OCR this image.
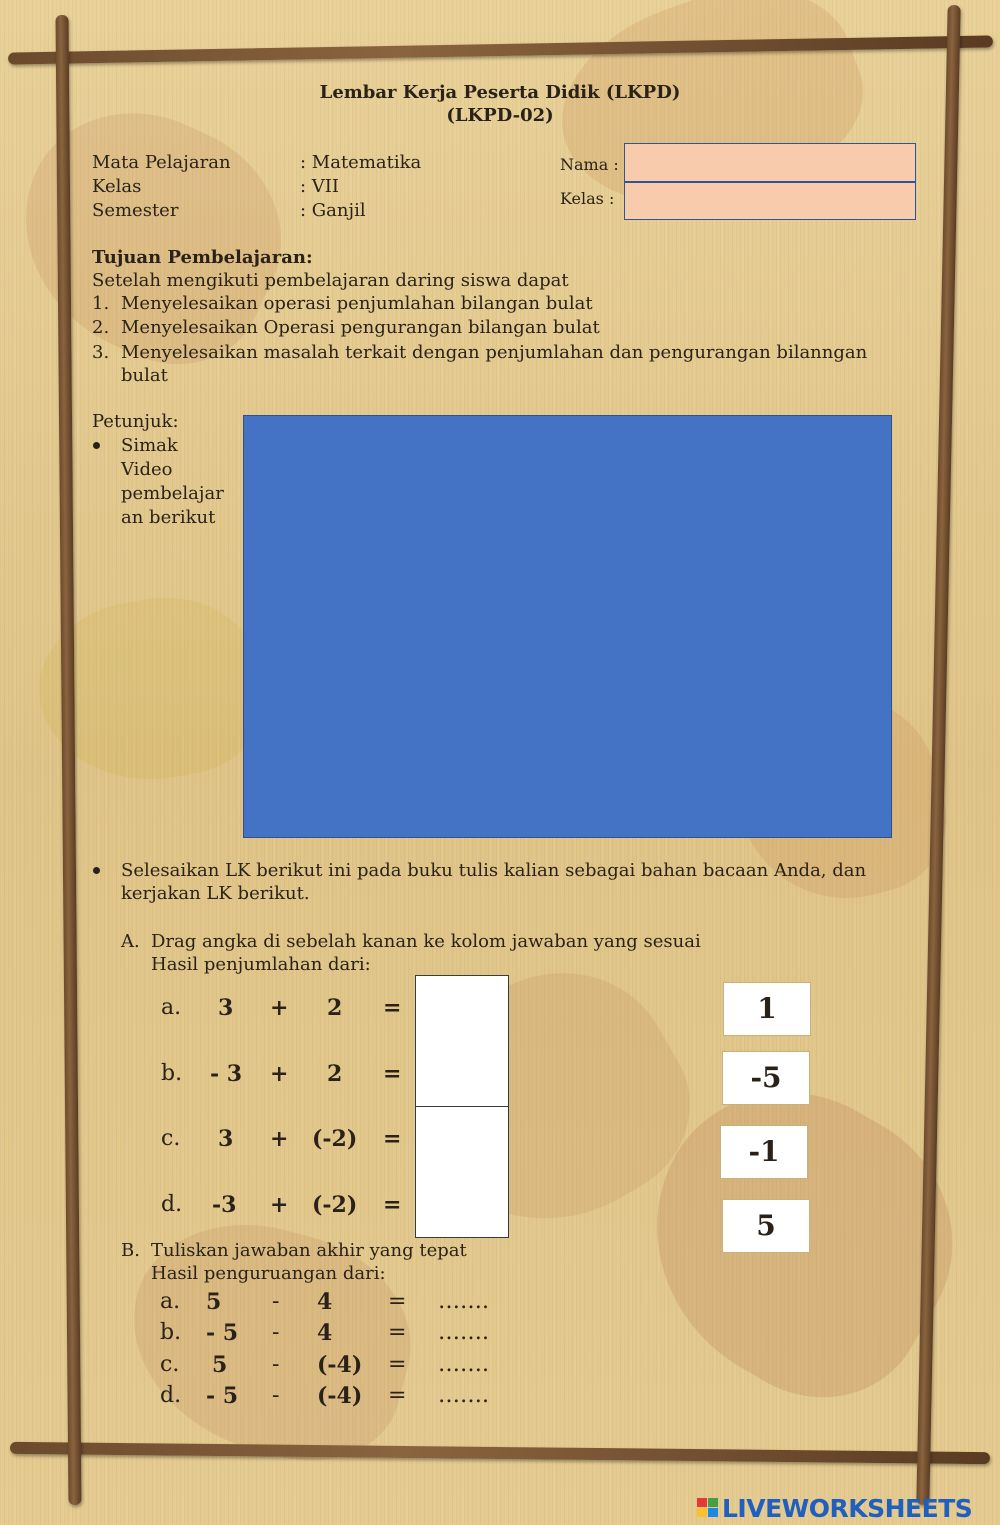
Lembar Kerja Peserta Didik (LKPD)
(LKPD-02)
Mata Pelajaran	: Matematika
Kelas	: VII
Semester	: Ganjil
Nama :
Kelas :
Tujuan Pembelajaran:
Setelah mengikuti pembelajaran daring siswa dapat
1. Menyelesaikan operasi penjumlahan bilangan bulat
2. Menyelesaikan Operasi pengurangan bilangan bulat
3. Menyelesaikan masalah terkait dengan penjumlahan dan pengurangan bilanngan
bulat
Petunjuk:
Simak
Video
pembelajar
an berikut
Selesaikan LK berikut ini pada buku tulis kalian sebagai bahan bacaan Anda, dan
kerjakan LK berikut.
A. Drag angka di sebelah kanan ke kolom jawaban yang sesuai
Hasil penjumlahan dari:
a. 3 + 2 =
b. - 3 + 2 =
c. 3 + (-2) =
d. -3 + (-2) =
1
-5
-1
5
B. Tuliskan jawaban akhir yang tepat
Hasil penguruangan dari:
a. 5 - 4	= …….
b. - 5 - 4	= …….
c. 5 - (-4) = …….
d. - 5 - (-4) = …….
LIVEWORKSHEETS
